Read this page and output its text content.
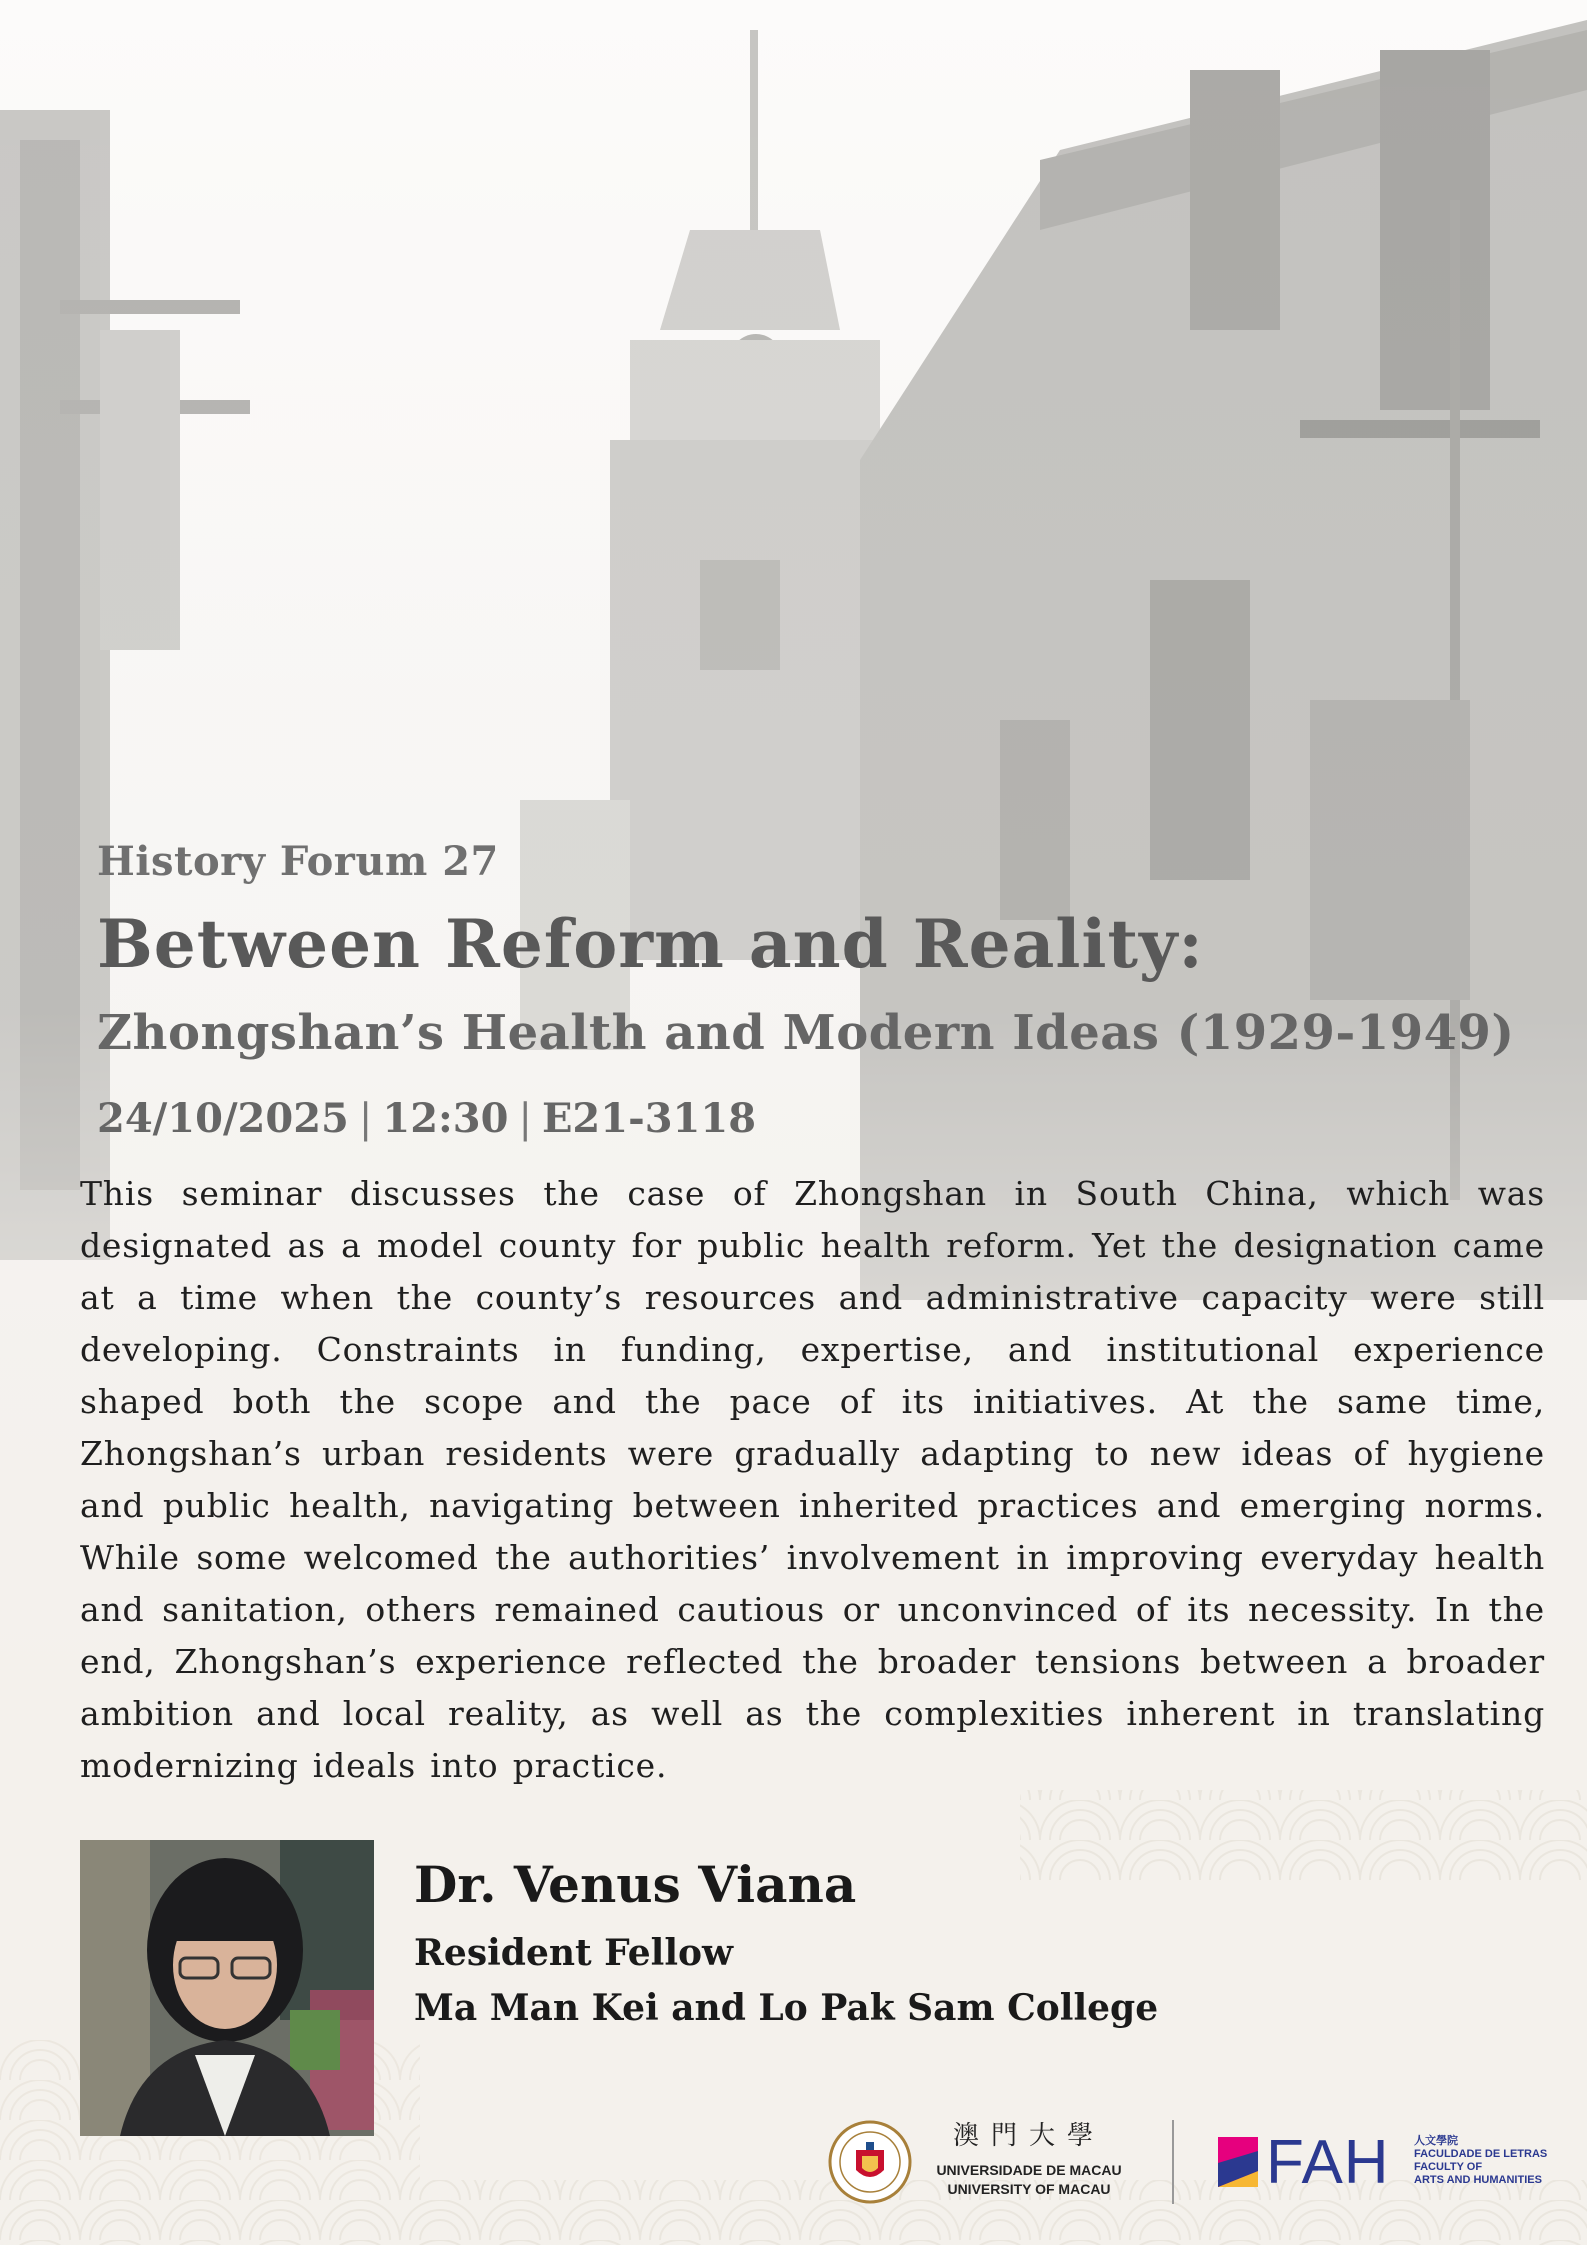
History Forum 27
Between Reform and Reality:
Zhongshan’s Health and Modern Ideas (1929-1949)
24/10/2025 | 12:30 | E21-3118
This seminar discusses the case of Zhongshan in South China, which was designated as a model county for public health reform. Yet the designation came at a time when the county’s resources and administrative capacity were still developing. Constraints in funding, expertise, and institutional experience shaped both the scope and the pace of its initiatives. At the same time, Zhongshan’s urban residents were gradually adapting to new ideas of hygiene and public health, navigating between inherited practices and emerging norms. While some welcomed the authorities’ involvement in improving everyday health and sanitation, others remained cautious or unconvinced of its necessity. In the end, Zhongshan’s experience reflected the broader tensions between a broader ambition and local reality, as well as the complexities inherent in translating modernizing ideals into practice.
Dr. Venus Viana
Resident Fellow
Ma Man Kei and Lo Pak Sam College
澳門大學
UNIVERSIDADE DE MACAU
UNIVERSITY OF MACAU	FAH 人文學院
FACULDADE DE LETRAS
FACULTY OF
ARTS AND HUMANITIES
